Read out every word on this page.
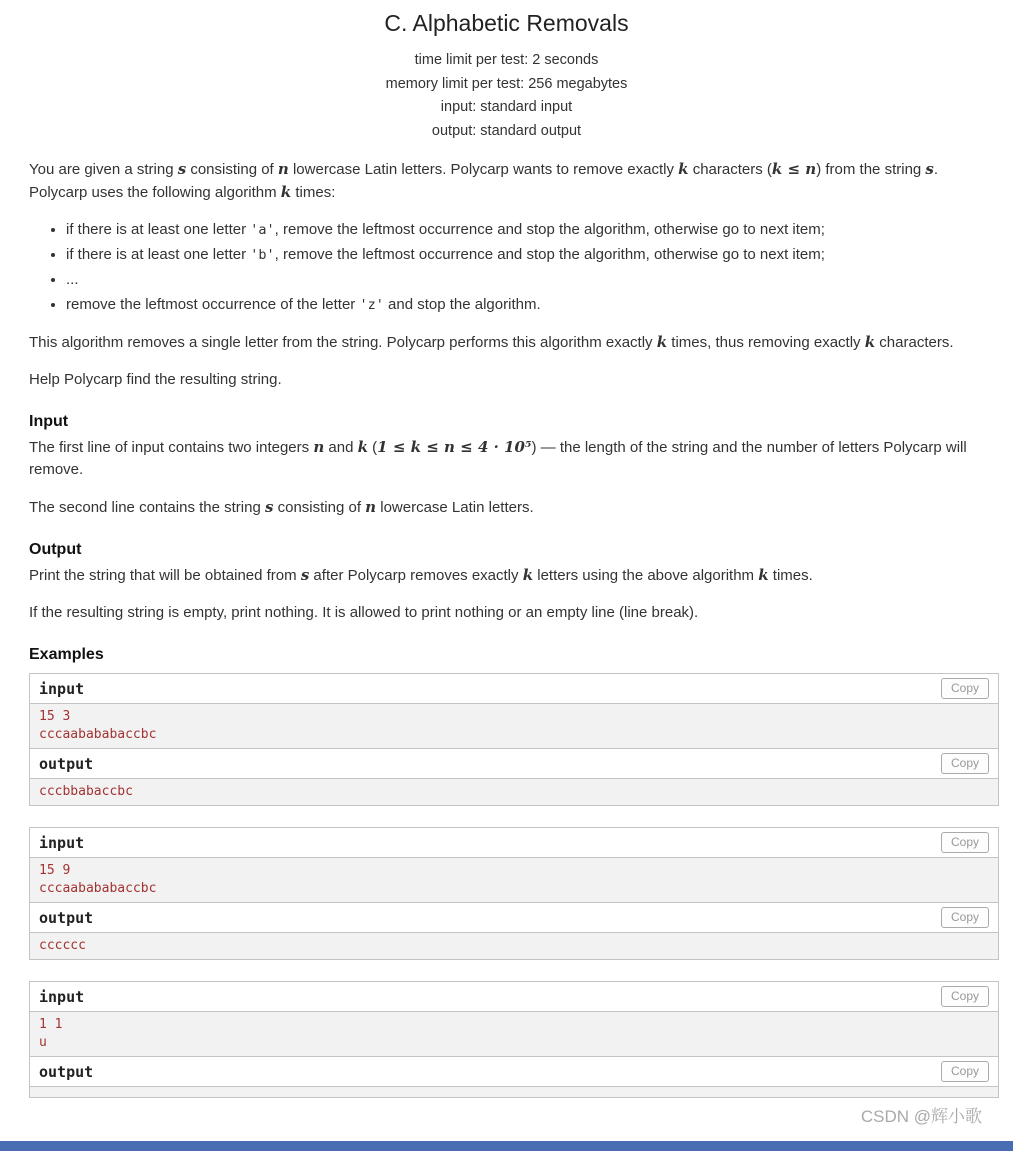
C. Alphabetic Removals
time limit per test: 2 seconds
memory limit per test: 256 megabytes
input: standard input
output: standard output

You are given a string s consisting of n lowercase Latin letters. Polycarp wants to remove exactly k characters (k ≤ n) from the string s. Polycarp uses the following algorithm k times:

• if there is at least one letter 'a', remove the leftmost occurrence and stop the algorithm, otherwise go to next item;
• if there is at least one letter 'b', remove the leftmost occurrence and stop the algorithm, otherwise go to next item;
• ...
• remove the leftmost occurrence of the letter 'z' and stop the algorithm.

This algorithm removes a single letter from the string. Polycarp performs this algorithm exactly k times, thus removing exactly k characters.

Help Polycarp find the resulting string.

Input

The first line of input contains two integers n and k (1 ≤ k ≤ n ≤ 4 · 10⁵) — the length of the string and the number of letters Polycarp will remove.

The second line contains the string s consisting of n lowercase Latin letters.

Output

Print the string that will be obtained from s after Polycarp removes exactly k letters using the above algorithm k times.

If the resulting string is empty, print nothing. It is allowed to print nothing or an empty line (line break).

Examples
input	Copy
15 3
cccaabababaccbc
output	Copy
cccbbabaccbc
input	Copy
15 9
cccaabababaccbc
output	Copy
cccccc
input	Copy
1 1
u
output	Copy
CSDN @辉小歌
